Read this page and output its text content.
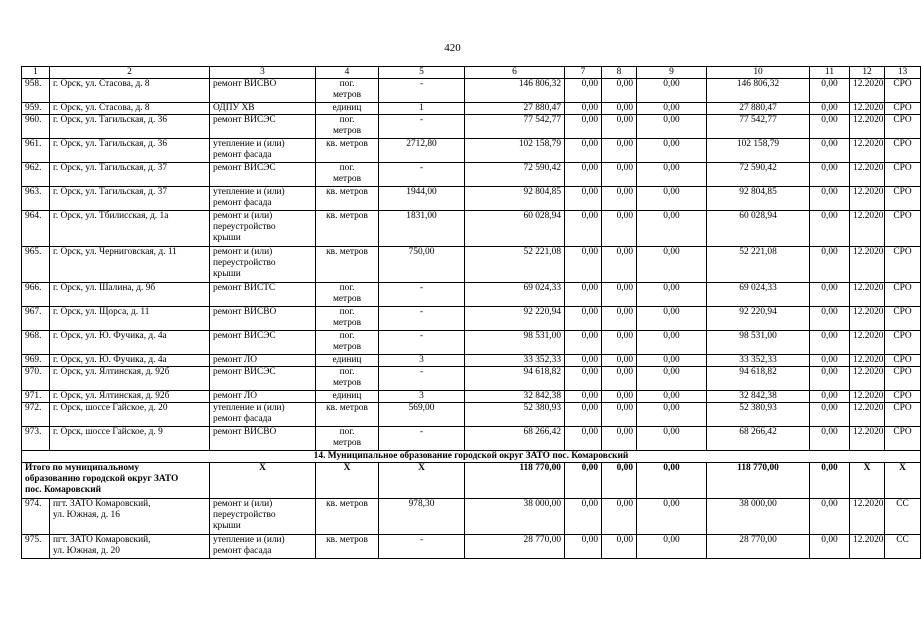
420
1	2	3	4	5	6	7	8	9	10	11	12	13
958.	г. Орск, ул. Стасова, д. 8	ремонт ВИСВО	пог.
метров	-	146 806,32	0,00	0,00	0,00	146 806,32	0,00	12.2020	СРО
959.	г. Орск, ул. Стасова, д. 8	ОДПУ ХВ	единиц	1	27 880,47	0,00	0,00	0,00	27 880,47	0,00	12.2020	СРО
960.	г. Орск, ул. Тагильская, д. 36	ремонт ВИСЭС	пог.
метров	-	77 542,77	0,00	0,00	0,00	77 542,77	0,00	12.2020	СРО
961.	г. Орск, ул. Тагильская, д. 36	утепление и (или)
ремонт фасада	кв. метров	2712,80	102 158,79	0,00	0,00	0,00	102 158,79	0,00	12.2020	СРО
962.	г. Орск, ул. Тагильская, д. 37	ремонт ВИСЭС	пог.
метров	-	72 590,42	0,00	0,00	0,00	72 590,42	0,00	12.2020	СРО
963.	г. Орск, ул. Тагильская, д. 37	утепление и (или)
ремонт фасада	кв. метров	1944,00	92 804,85	0,00	0,00	0,00	92 804,85	0,00	12.2020	СРО
964.	г. Орск, ул. Тбилисская, д. 1а	ремонт и (или)
переустройство
крыши	кв. метров	1831,00	60 028,94	0,00	0,00	0,00	60 028,94	0,00	12.2020	СРО
965.	г. Орск, ул. Черниговская, д. 11	ремонт и (или)
переустройство
крыши	кв. метров	750,00	52 221,08	0,00	0,00	0,00	52 221,08	0,00	12.2020	СРО
966.	г. Орск, ул. Шалина, д. 9б	ремонт ВИСТС	пог.
метров	-	69 024,33	0,00	0,00	0,00	69 024,33	0,00	12.2020	СРО
967.	г. Орск, ул. Щорса, д. 11	ремонт ВИСВО	пог.
метров	-	92 220,94	0,00	0,00	0,00	92 220,94	0,00	12.2020	СРО
968.	г. Орск, ул. Ю. Фучика, д. 4а	ремонт ВИСЭС	пог.
метров	-	98 531,00	0,00	0,00	0,00	98 531,00	0,00	12.2020	СРО
969.	г. Орск, ул. Ю. Фучика, д. 4а	ремонт ЛО	единиц	3	33 352,33	0,00	0,00	0,00	33 352,33	0,00	12.2020	СРО
970.	г. Орск, ул. Ялтинская, д. 92б	ремонт ВИСЭС	пог.
метров	-	94 618,82	0,00	0,00	0,00	94 618,82	0,00	12.2020	СРО
971.	г. Орск, ул. Ялтинская, д. 92б	ремонт ЛО	единиц	3	32 842,38	0,00	0,00	0,00	32 842,38	0,00	12.2020	СРО
972.	г. Орск, шоссе Гайское, д. 20	утепление и (или)
ремонт фасада	кв. метров	569,00	52 380,93	0,00	0,00	0,00	52 380,93	0,00	12.2020	СРО
973.	г. Орск, шоссе Гайское, д. 9	ремонт ВИСВО	пог.
метров	-	68 266,42	0,00	0,00	0,00	68 266,42	0,00	12.2020	СРО
14. Муниципальное образование городской округ ЗАТО пос. Комаровский												
Итого по муниципальному
образованию городской округ ЗАТО
пос. Комаровский		X	X	X	118 770,00	0,00	0,00	0,00	118 770,00	0,00	X	X
974.	пгт. ЗАТО Комаровский,
ул. Южная, д. 16	ремонт и (или)
переустройство
крыши	кв. метров	978,30	38 000,00	0,00	0,00	0,00	38 000,00	0,00	12.2020	СС
975.	пгт. ЗАТО Комаровский,
ул. Южная, д. 20	утепление и (или)
ремонт фасада	кв. метров	-	28 770,00	0,00	0,00	0,00	28 770,00	0,00	12.2020	СС
